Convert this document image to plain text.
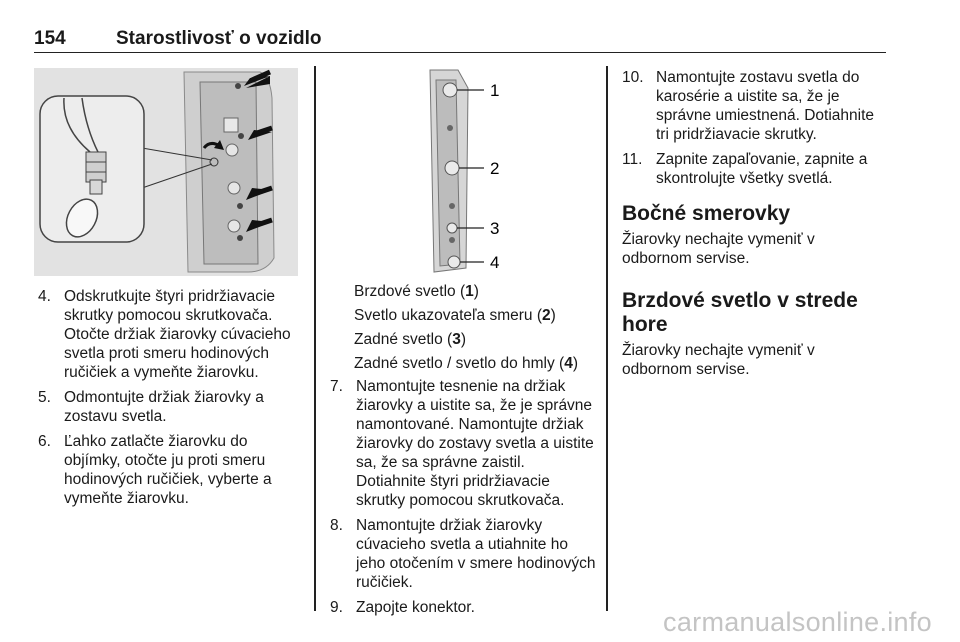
154	Starostlivosť o vozidlo
1
2
3
4
4. Odskrutkujte štyri pridržiavacie skrutky pomocou skrutkovača. Otočte držiak žiarovky cúvacieho svetla proti smeru hodinových ručičiek a vymeňte žiarovku.
5. Odmontujte držiak žiarovky a zostavu svetla.
6. Ľahko zatlačte žiarovku do objímky, otočte ju proti smeru hodinových ručičiek, vyberte a vymeňte žiarovku.
Brzdové svetlo (1)
Svetlo ukazovateľa smeru (2)
Zadné svetlo (3)
Zadné svetlo / svetlo do hmly (4)
7. Namontujte tesnenie na držiak žiarovky a uistite sa, že je správne namontované. Namontujte držiak žiarovky do zostavy svetla a uistite sa, že sa správne zaistil. Dotiahnite štyri pridržiavacie skrutky pomocou skrutkovača.
8. Namontujte držiak žiarovky cúvacieho svetla a utiahnite ho jeho otočením v smere hodinových ručičiek.
9. Zapojte konektor.
10. Namontujte zostavu svetla do karosérie a uistite sa, že je správne umiestnená. Dotiahnite tri pridržiavacie skrutky.
11. Zapnite zapaľovanie, zapnite a skontrolujte všetky svetlá.
Bočné smerovky
Žiarovky nechajte vymeniť v odbornom servise.
Brzdové svetlo v strede hore
Žiarovky nechajte vymeniť v odbornom servise.
carmanualsonline.info
